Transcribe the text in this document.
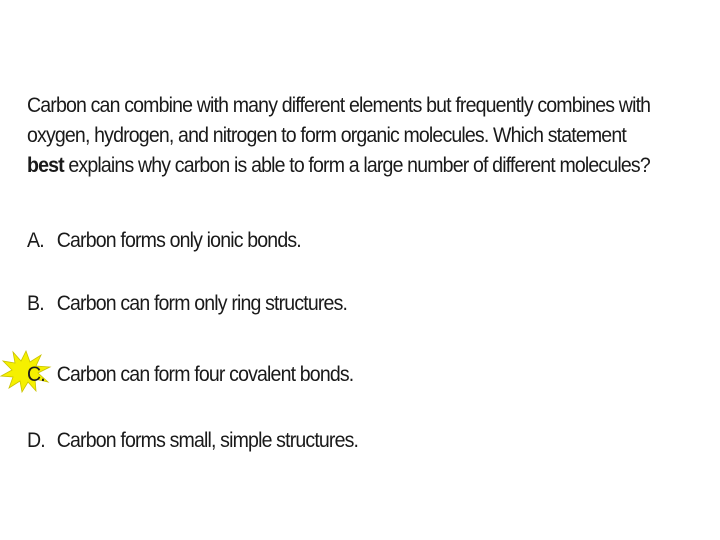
Carbon can combine with many different elements but frequently combines with oxygen, hydrogen, and nitrogen to form organic molecules. Which statement best explains why carbon is able to form a large number of different molecules?
A. Carbon forms only ionic bonds.
B. Carbon can form only ring structures.
C. Carbon can form four covalent bonds.
D. Carbon forms small, simple structures.
